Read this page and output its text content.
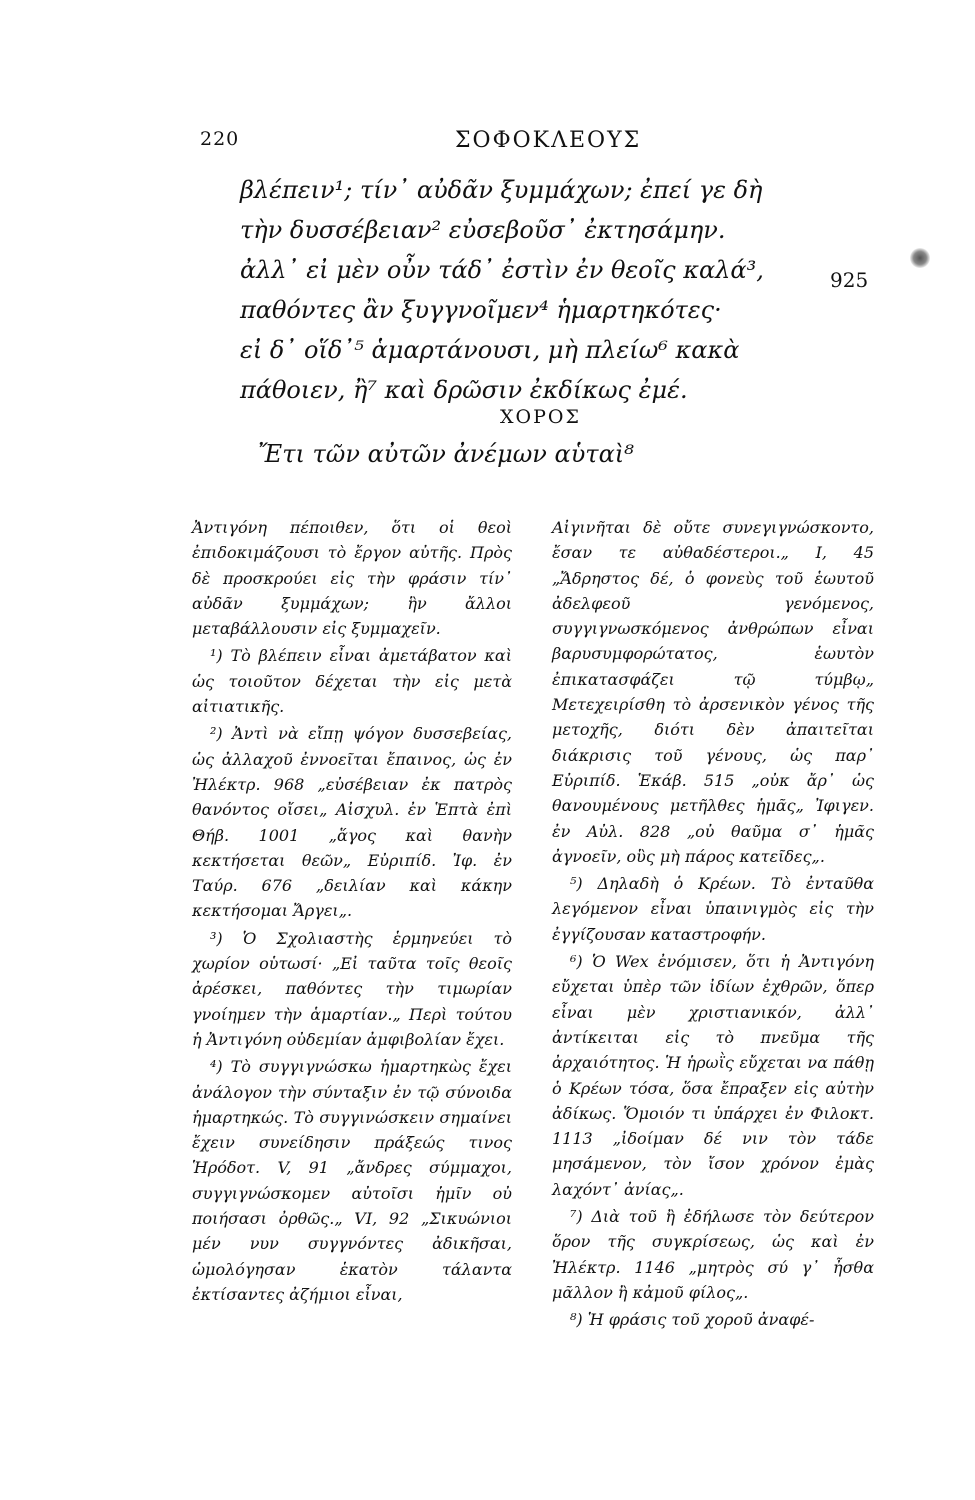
220	ΣΟΦΟΚΛΕΟΥΣ
βλέπειν¹; τίν᾽ αὐδᾶν ξυμμάχων; ἐπεί γε δὴ
τὴν δυσσέβειαν² εὐσεβοῦσ᾽ ἐκτησάμην.
ἀλλ᾽ εἰ μὲν οὖν τάδ᾽ ἐστὶν ἐν θεοῖς καλά³,
παθόντες ἂν ξυγγνοῖμεν⁴ ἡμαρτηκότες·
εἰ δ᾽ οἵδ᾽⁵ ἁμαρτάνουσι, μὴ πλείω⁶ κακὰ
πάθοιεν, ἢ⁷ καὶ δρῶσιν ἐκδίκως ἐμέ.
925
ΧΟΡΟΣ
Ἔτι τῶν αὐτῶν ἀνέμων αὑταὶ⁸

Ἀντιγόνη πέποιθεν, ὅτι οἱ θεοὶ ἐπιδοκιμάζουσι τὸ ἔργον αὐτῆς. Πρὸς δὲ προσκρούει εἰς τὴν φράσιν τίν᾽ αὐδᾶν ξυμμάχων; ἣν ἄλλοι μεταβάλλουσιν εἰς ξυμμαχεῖν.

¹) Τὸ βλέπειν εἶναι ἀμετάβατον καὶ ὡς τοιοῦτον δέχεται τὴν εἰς μετὰ αἰτιατικῆς.

²) Ἀντὶ νὰ εἴπῃ ψόγον δυσσεβείας, ὡς ἀλλαχοῦ ἐννοεῖται ἔπαινος, ὡς ἐν Ἠλέκτρ. 968 „εὐσέβειαν ἐκ πατρὸς θανόντος οἴσει„ Αἰσχυλ. ἐν Ἑπτὰ ἐπὶ Θήβ. 1001 „ἅγος καὶ θανὴν κεκτήσεται θεῶν„ Εὐριπίδ. Ἰφ. ἐν Ταύρ. 676 „δειλίαν καὶ κάκην κεκτήσομαι Ἄργει„.

³) Ὁ Σχολιαστὴς ἑρμηνεύει τὸ χωρίον οὑτωσί· „Εἰ ταῦτα τοῖς θεοῖς ἀρέσκει, παθόντες τὴν τιμωρίαν γνοίημεν τὴν ἁμαρτίαν.„ Περὶ τούτου ἡ Ἀντιγόνη οὐδεμίαν ἀμφιβολίαν ἔχει.

⁴) Τὸ συγγιγνώσκω ἡμαρτηκὼς ἔχει ἀνάλογον τὴν σύνταξιν ἐν τῷ σύνοιδα ἡμαρτηκώς. Τὸ συγγινώσκειν σημαίνει ἔχειν συνείδησιν πράξεώς τινος Ἡρόδοτ. V, 91 „ἄνδρες σύμμαχοι, συγγιγνώσκομεν αὐτοῖσι ἡμῖν οὐ ποιήσασι ὀρθῶς.„ VI, 92 „Σικυώνιοι μέν νυν συγγνόντες ἀδικῆσαι, ὡμολόγησαν ἑκατὸν τάλαντα ἐκτίσαντες ἀζήμιοι εἶναι,

Αἰγινῆται δὲ οὔτε συνεγιγνώσκοντο, ἔσαν τε αὐθαδέστεροι.„ I, 45 „Ἄδρηστος δέ, ὁ φονεὺς τοῦ ἑωυτοῦ ἀδελφεοῦ γενόμενος, συγγιγνωσκόμενος ἀνθρώπων εἶναι βαρυσυμφορώτατος, ἑωυτὸν ἐπικατασφάζει τῷ τύμβῳ„ Μετεχειρίσθη τὸ ἀρσενικὸν γένος τῆς μετοχῆς, διότι δὲν ἀπαιτεῖται διάκρισις τοῦ γένους, ὡς παρ᾽ Εὐριπίδ. Ἑκάβ. 515 „οὐκ ἄρ᾽ ὡς θανουμένους μετῆλθες ἡμᾶς„ Ἰφιγεν. ἐν Αὐλ. 828 „οὐ θαῦμα σ᾽ ἡμᾶς ἀγνοεῖν, οὓς μὴ πάρος κατεῖδες„.

⁵) Δηλαδὴ ὁ Κρέων. Τὸ ἐνταῦθα λεγόμενον εἶναι ὑπαινιγμὸς εἰς τὴν ἐγγίζουσαν καταστροφήν.

⁶) Ὁ Wex ἐνόμισεν, ὅτι ἡ Ἀντιγόνη εὔχεται ὑπὲρ τῶν ἰδίων ἐχθρῶν, ὅπερ εἶναι μὲν χριστιανικόν, ἀλλ᾽ ἀντίκειται εἰς τὸ πνεῦμα τῆς ἀρχαιότητος. Ἡ ἡρωῒς εὔχεται να πάθῃ ὁ Κρέων τόσα, ὅσα ἔπραξεν εἰς αὐτὴν ἀδίκως. Ὅμοιόν τι ὑπάρχει ἐν Φιλοκτ. 1113 „ἰδοίμαν δέ νιν τὸν τάδε μησάμενον, τὸν ἴσον χρόνον ἐμὰς λαχόντ᾽ ἀνίας„.

⁷) Διὰ τοῦ ἢ ἐδήλωσε τὸν δεύτερον ὅρον τῆς συγκρίσεως, ὡς καὶ ἐν Ἠλέκτρ. 1146 „μητρὸς σύ γ᾽ ἦσθα μᾶλλον ἢ κἀμοῦ φίλος„.

⁸) Ἡ φράσις τοῦ χοροῦ ἀναφέ-
